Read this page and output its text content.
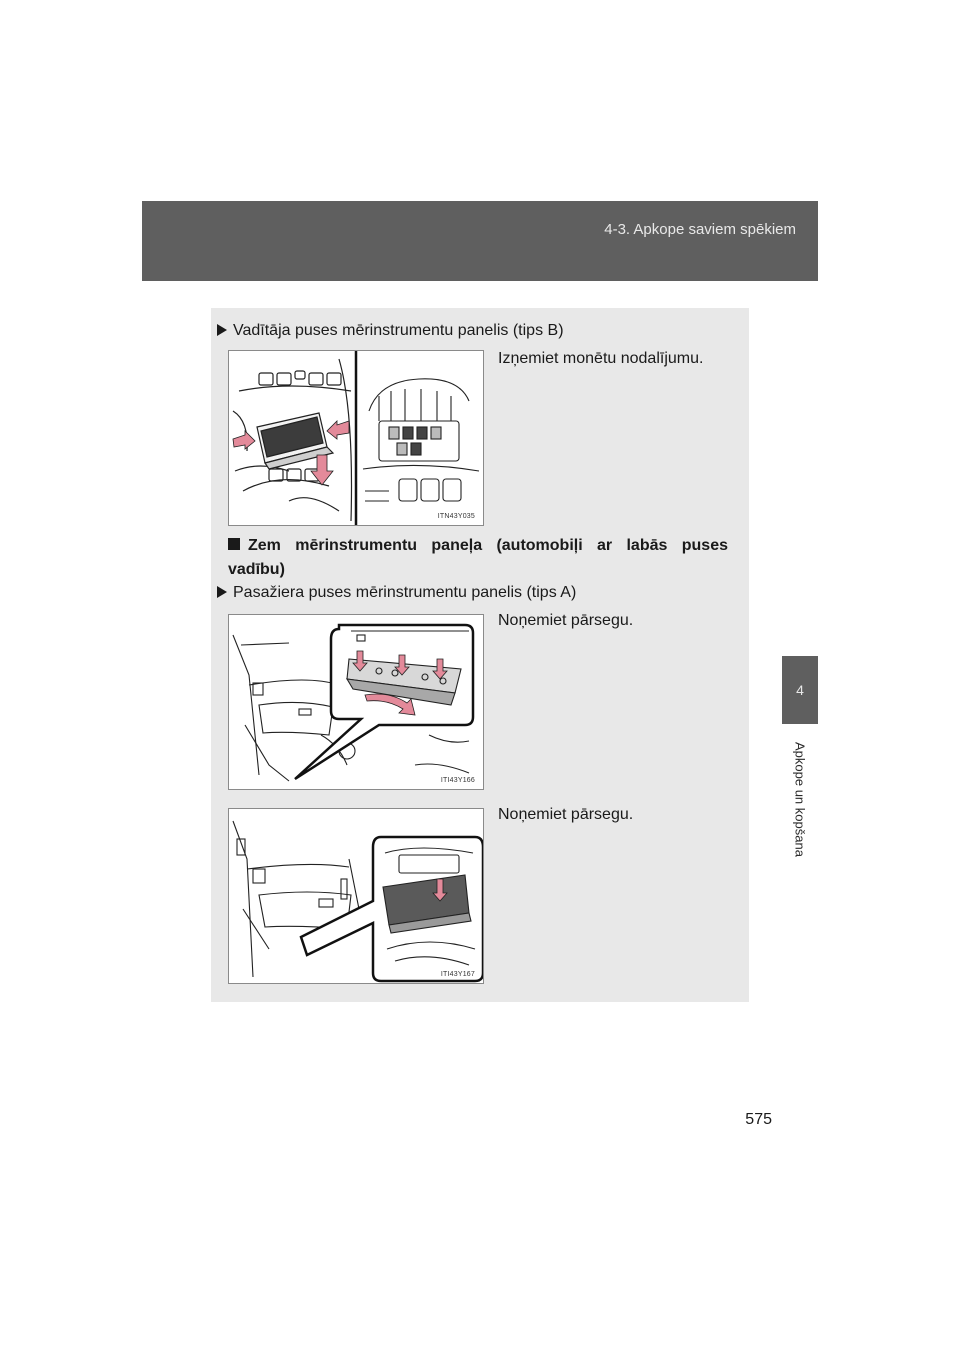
4-3. Apkope saviem spēkiem
4
Apkope un kopšana
Vadītāja puses mērinstrumentu panelis (tips B)
Izņemiet monētu nodalījumu.
ITN43Y035
Zem mērinstrumentu paneļa (automobiļi ar labās puses vadību)
Pasažiera puses mērinstrumentu panelis (tips A)
Noņemiet pārsegu.
ITI43Y166
Noņemiet pārsegu.
ITI43Y167
575
